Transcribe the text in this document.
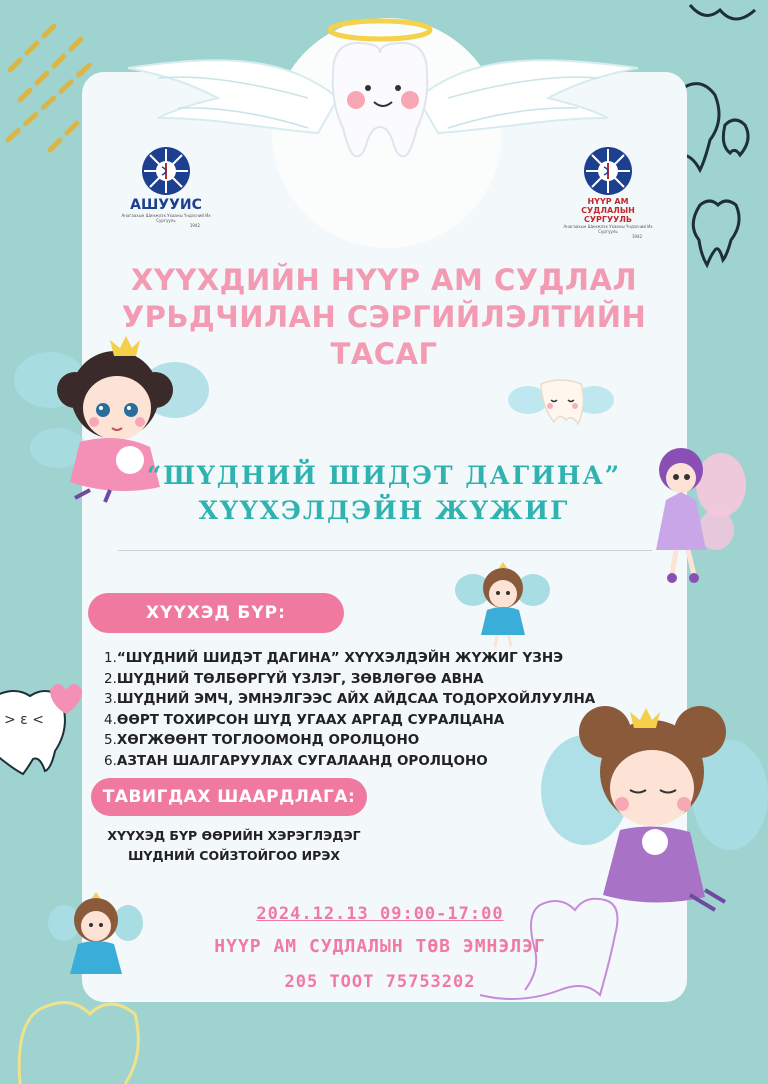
АШУУИС
Анагаахын Шинжлэх Ухааны Үндэсний Их Сургууль
1942
НҮҮР АМ СУДЛАЛЫН
СУРГУУЛЬ
Анагаахын Шинжлэх Ухааны Үндэсний Их Сургууль
1942
ХҮҮХДИЙН НҮҮР АМ СУДЛАЛ
УРЬДЧИЛАН СЭРГИЙЛЭЛТИЙН
ТАСАГ
“ШҮДНИЙ ШИДЭТ ДАГИНА”
ХҮҮХЭЛДЭЙН ЖҮЖИГ
ХҮҮХЭД БҮР:
1.“ШҮДНИЙ ШИДЭТ ДАГИНА” ХҮҮХЭЛДЭЙН ЖҮЖИГ ҮЗНЭ
2.ШҮДНИЙ ТӨЛБӨРГҮЙ ҮЗЛЭГ, ЗӨВЛӨГӨӨ АВНА
3.ШҮДНИЙ ЭМЧ, ЭМНЭЛГЭЭС АЙХ АЙДСАА ТОДОРХОЙЛУУЛНА
4.ӨӨРТ ТОХИРСОН ШҮД УГААХ АРГАД СУРАЛЦАНА
5.ХӨГЖӨӨНТ ТОГЛООМОНД ОРОЛЦОНО
6.АЗТАН ШАЛГАРУУЛАХ СУГАЛААНД ОРОЛЦОНО
> ε <
ТАВИГДАХ ШААРДЛАГА:
ХҮҮХЭД БҮР ӨӨРИЙН ХЭРЭГЛЭДЭГ
ШҮДНИЙ СОЙЗТОЙГОО ИРЭХ
2024.12.13 09:00-17:00
НҮҮР АМ СУДЛАЛЫН ТӨВ ЭМНЭЛЭГ
205 ТООТ 75753202
